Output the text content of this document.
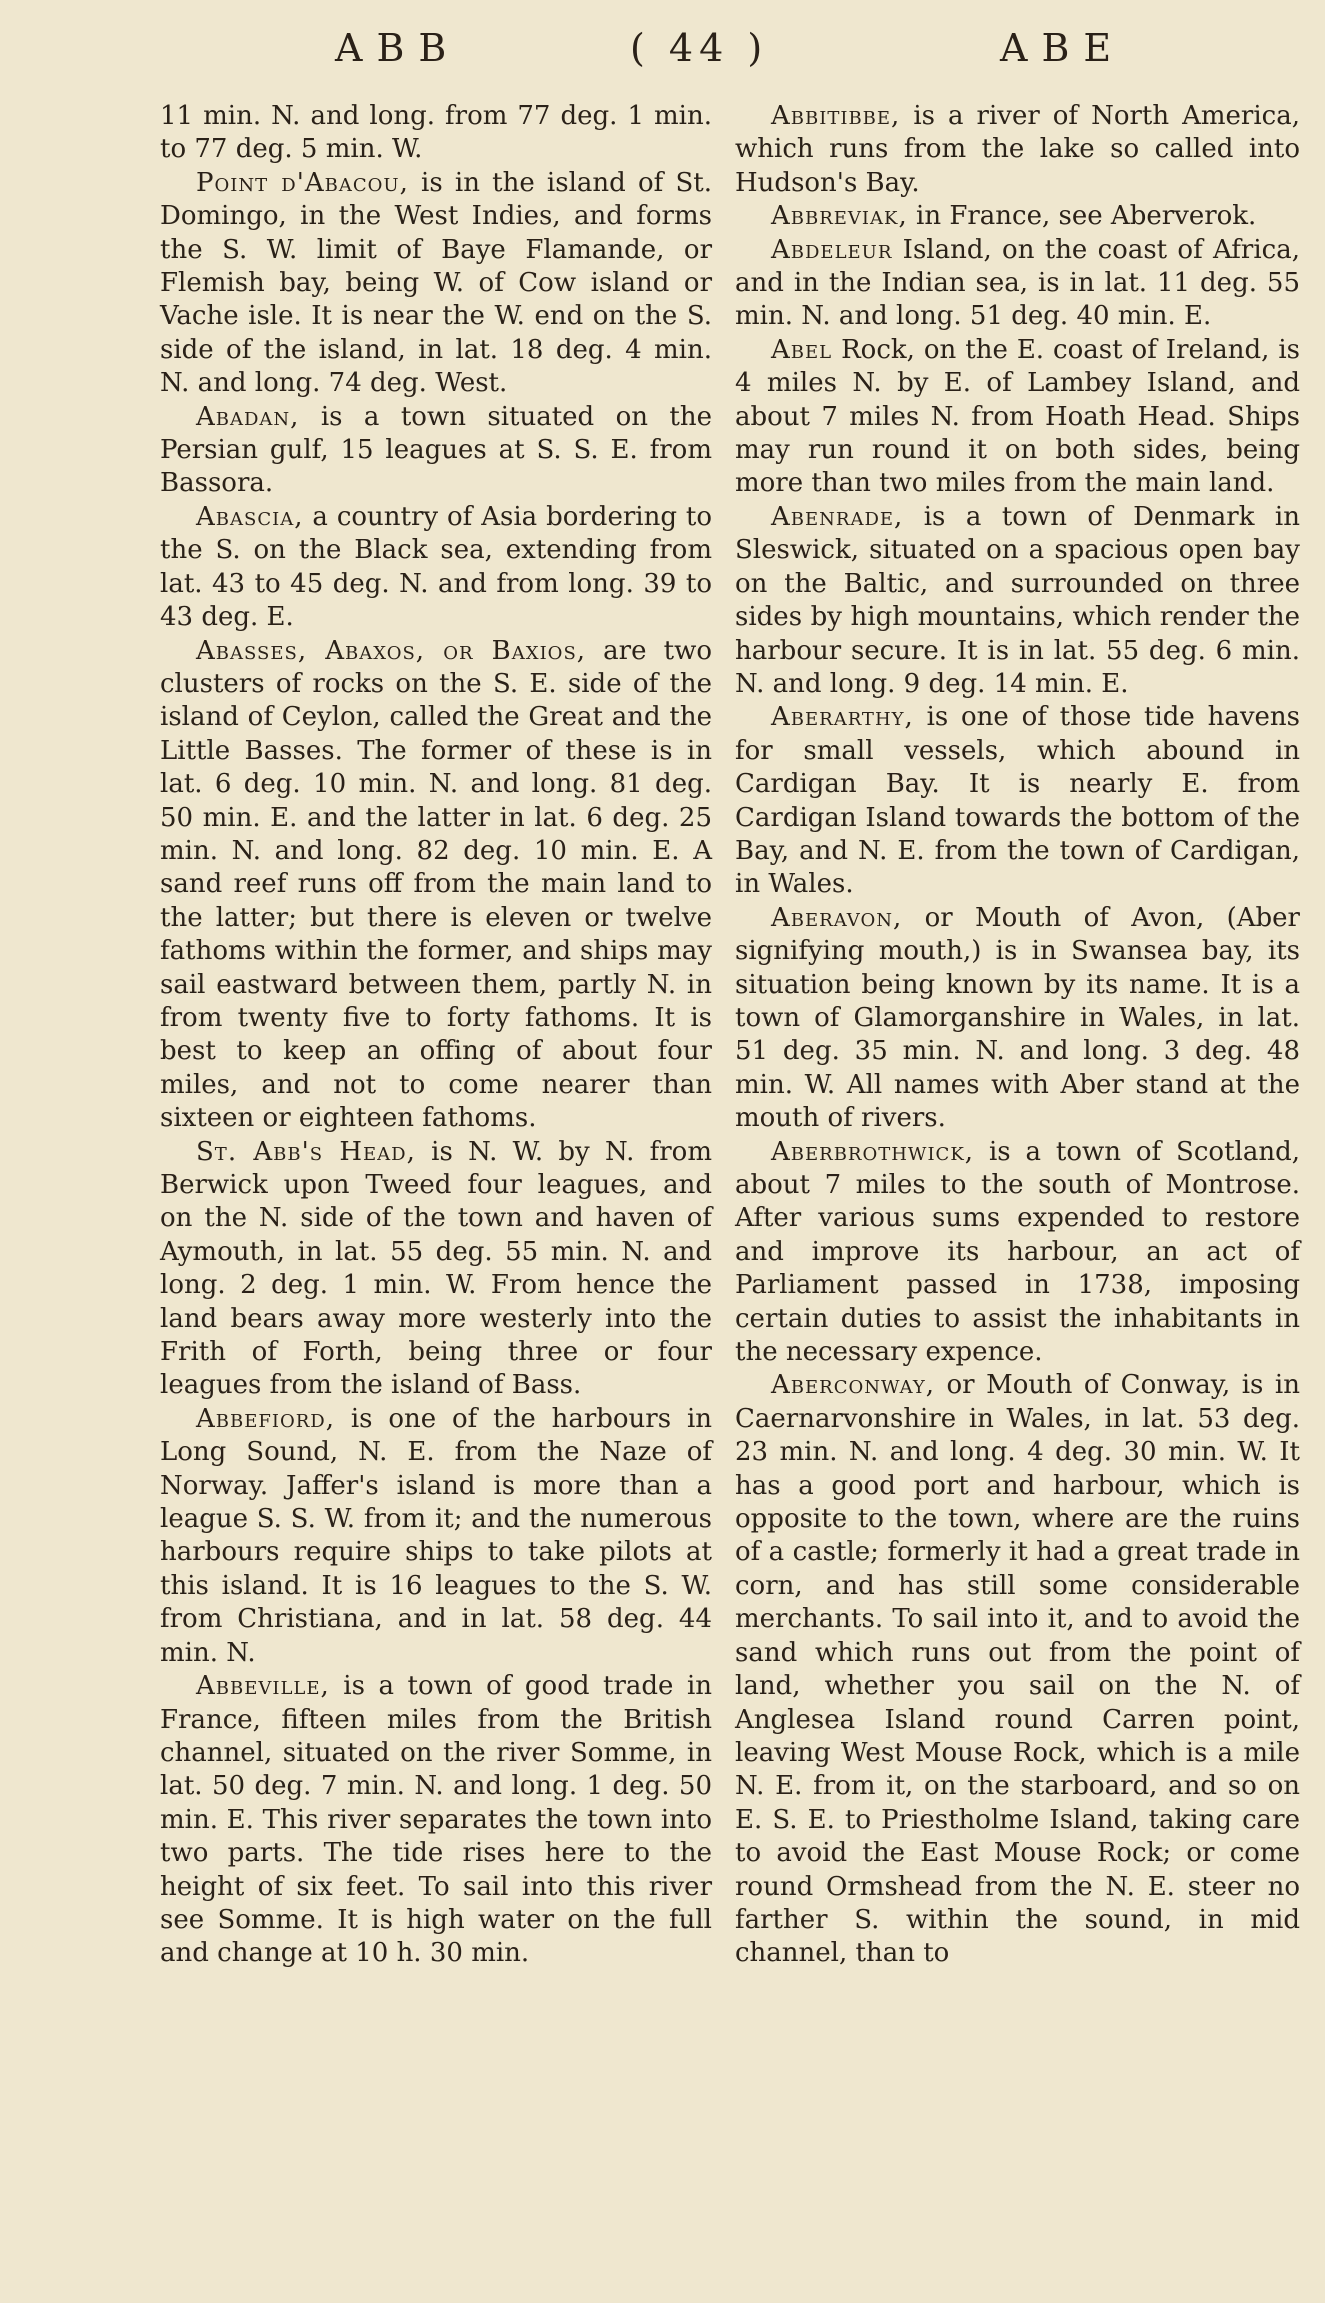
ABB	( 44 )	ABE

11 min. N. and long. from 77 deg. 1 min. to 77 deg. 5 min. W.

Point d'Abacou, is in the island of St. Domingo, in the West Indies, and forms the S. W. limit of Baye Flamande, or Flemish bay, being W. of Cow island or Vache isle. It is near the W. end on the S. side of the island, in lat. 18 deg. 4 min. N. and long. 74 deg. West.

Abadan, is a town situated on the Persian gulf, 15 leagues at S. S. E. from Bassora.

Abascia, a country of Asia bordering to the S. on the Black sea, extending from lat. 43 to 45 deg. N. and from long. 39 to 43 deg. E.

Abasses, Abaxos, or Baxios, are two clusters of rocks on the S. E. side of the island of Ceylon, called the Great and the Little Basses. The former of these is in lat. 6 deg. 10 min. N. and long. 81 deg. 50 min. E. and the latter in lat. 6 deg. 25 min. N. and long. 82 deg. 10 min. E. A sand reef runs off from the main land to the latter; but there is eleven or twelve fathoms within the former, and ships may sail eastward between them, partly N. in from twenty five to forty fathoms. It is best to keep an offing of about four miles, and not to come nearer than sixteen or eighteen fathoms.

St. Abb's Head, is N. W. by N. from Berwick upon Tweed four leagues, and on the N. side of the town and haven of Aymouth, in lat. 55 deg. 55 min. N. and long. 2 deg. 1 min. W. From hence the land bears away more westerly into the Frith of Forth, being three or four leagues from the island of Bass.

Abbefiord, is one of the harbours in Long Sound, N. E. from the Naze of Norway. Jaffer's island is more than a league S. S. W. from it; and the numerous harbours require ships to take pilots at this island. It is 16 leagues to the S. W. from Christiana, and in lat. 58 deg. 44 min. N.

Abbeville, is a town of good trade in France, fifteen miles from the British channel, situated on the river Somme, in lat. 50 deg. 7 min. N. and long. 1 deg. 50 min. E. This river separates the town into two parts. The tide rises here to the height of six feet. To sail into this river see Somme. It is high water on the full and change at 10 h. 30 min.

Abbitibbe, is a river of North America, which runs from the lake so called into Hudson's Bay.

Abbreviak, in France, see Aberverok.

Abdeleur Island, on the coast of Africa, and in the Indian sea, is in lat. 11 deg. 55 min. N. and long. 51 deg. 40 min. E.

Abel Rock, on the E. coast of Ireland, is 4 miles N. by E. of Lambey Island, and about 7 miles N. from Hoath Head. Ships may run round it on both sides, being more than two miles from the main land.

Abenrade, is a town of Denmark in Sleswick, situated on a spacious open bay on the Baltic, and surrounded on three sides by high mountains, which render the harbour secure. It is in lat. 55 deg. 6 min. N. and long. 9 deg. 14 min. E.

Aberarthy, is one of those tide havens for small vessels, which abound in Cardigan Bay. It is nearly E. from Cardigan Island towards the bottom of the Bay, and N. E. from the town of Cardigan, in Wales.

Aberavon, or Mouth of Avon, (Aber signifying mouth,) is in Swansea bay, its situation being known by its name. It is a town of Glamorganshire in Wales, in lat. 51 deg. 35 min. N. and long. 3 deg. 48 min. W. All names with Aber stand at the mouth of rivers.

Aberbrothwick, is a town of Scotland, about 7 miles to the south of Montrose. After various sums expended to restore and improve its harbour, an act of Parliament passed in 1738, imposing certain duties to assist the inhabitants in the necessary expence.

Aberconway, or Mouth of Conway, is in Caernarvonshire in Wales, in lat. 53 deg. 23 min. N. and long. 4 deg. 30 min. W. It has a good port and harbour, which is opposite to the town, where are the ruins of a castle; formerly it had a great trade in corn, and has still some considerable merchants. To sail into it, and to avoid the sand which runs out from the point of land, whether you sail on the N. of Anglesea Island round Carren point, leaving West Mouse Rock, which is a mile N. E. from it, on the starboard, and so on E. S. E. to Priestholme Island, taking care to avoid the East Mouse Rock; or come round Ormshead from the N. E. steer no farther S. within the sound, in mid channel, than to
